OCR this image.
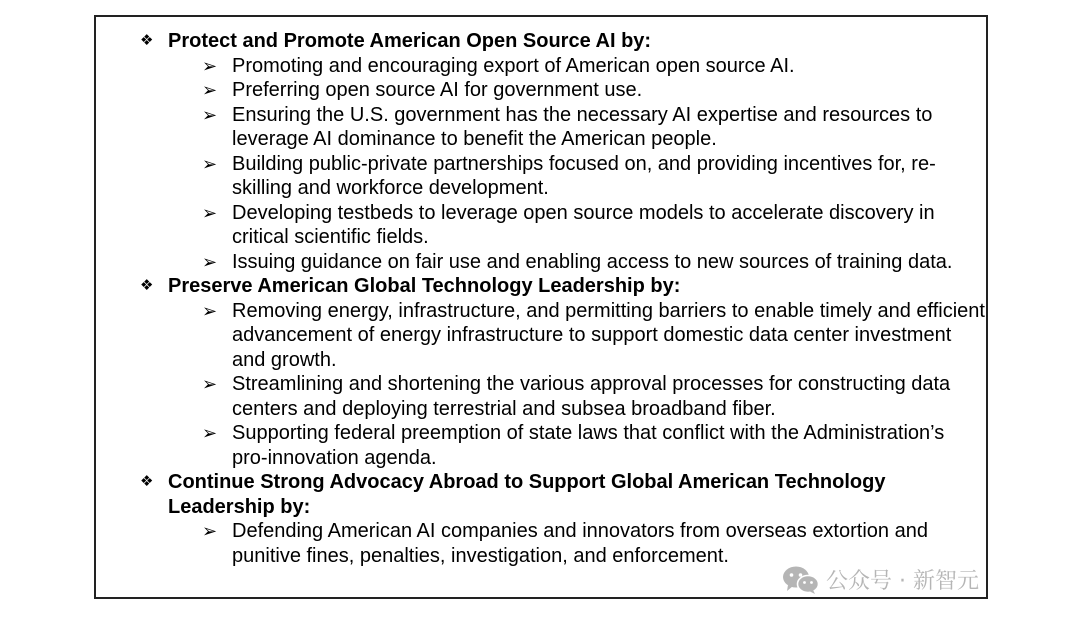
❖ Protect and Promote American Open Source AI by:
➢ Promoting and encouraging export of American open source AI.
➢ Preferring open source AI for government use.
➢ Ensuring the U.S. government has the necessary AI expertise and resources to leverage AI dominance to benefit the American people.
➢ Building public-private partnerships focused on, and providing incentives for, re-skilling and workforce development.
➢ Developing testbeds to leverage open source models to accelerate discovery in critical scientific fields.
➢ Issuing guidance on fair use and enabling access to new sources of training data.
❖ Preserve American Global Technology Leadership by:
➢ Removing energy, infrastructure, and permitting barriers to enable timely and efficient advancement of energy infrastructure to support domestic data center investment and growth.
➢ Streamlining and shortening the various approval processes for constructing data centers and deploying terrestrial and subsea broadband fiber.
➢ Supporting federal preemption of state laws that conflict with the Administration’s pro-innovation agenda.
❖ Continue Strong Advocacy Abroad to Support Global American Technology Leadership by:
➢ Defending American AI companies and innovators from overseas extortion and punitive fines, penalties, investigation, and enforcement.
公众号 · 新智元
